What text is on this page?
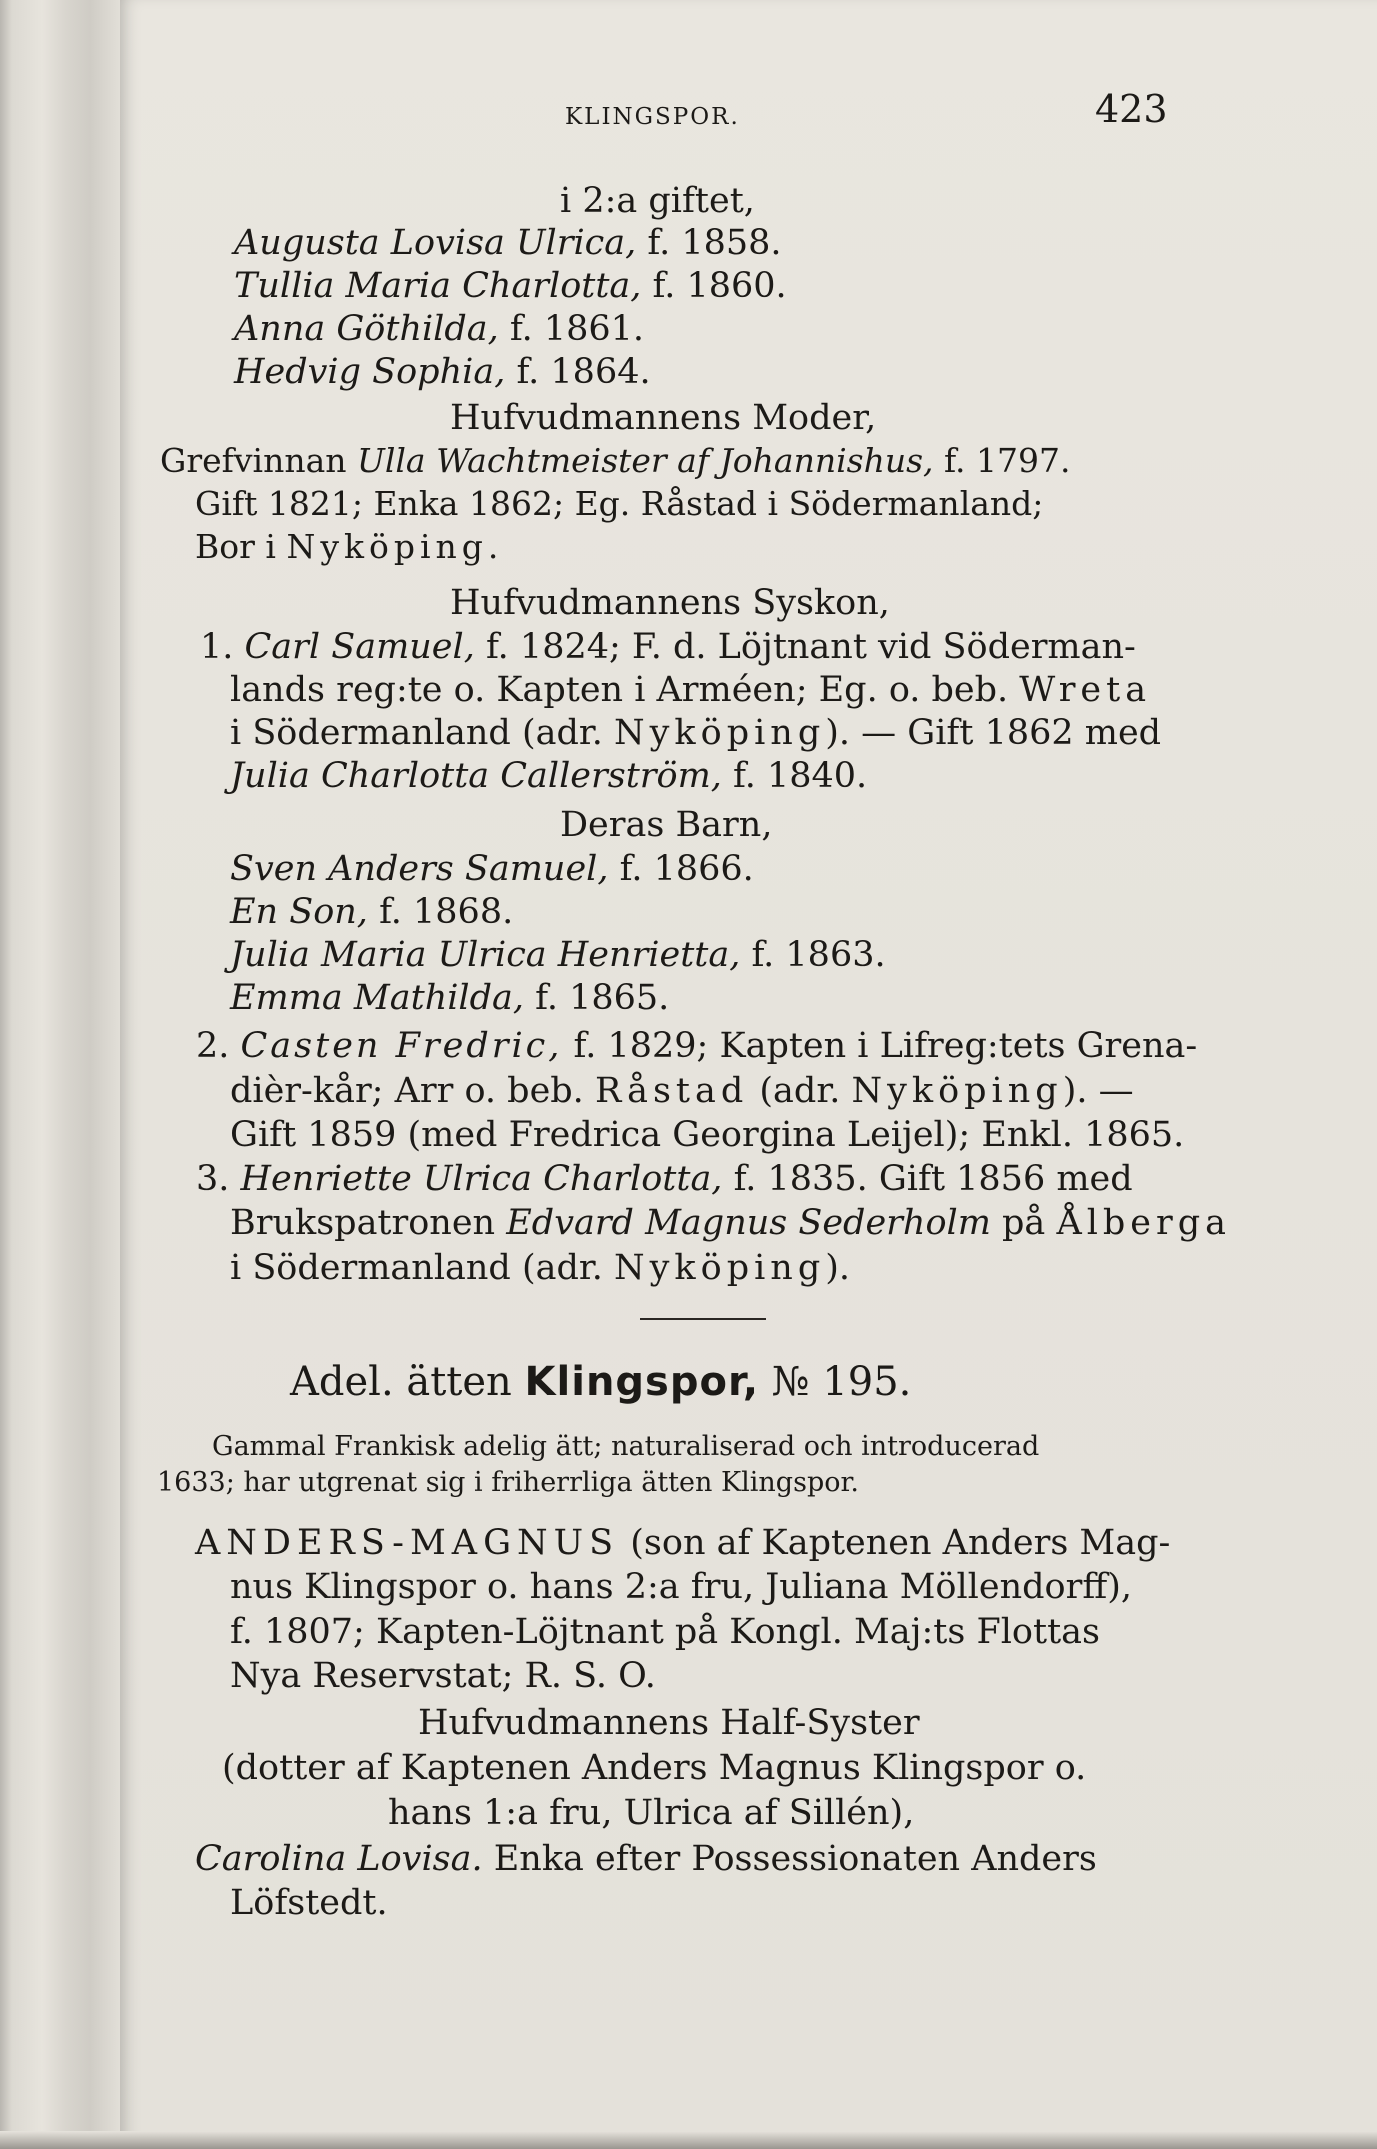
KLINGSPOR.	423
i 2:a giftet,
Augusta Lovisa Ulrica, f. 1858.
Tullia Maria Charlotta, f. 1860.
Anna Göthilda, f. 1861.
Hedvig Sophia, f. 1864.
Hufvudmannens Moder,
Grefvinnan Ulla Wachtmeister af Johannishus, f. 1797.
Gift 1821; Enka 1862; Eg. Råstad i Södermanland;
Bor i Nyköping.
Hufvudmannens Syskon,
1. Carl Samuel, f. 1824; F. d. Löjtnant vid Söderman-
lands reg:te o. Kapten i Arméen; Eg. o. beb. Wreta
i Södermanland (adr. Nyköping). — Gift 1862 med
Julia Charlotta Callerström, f. 1840.
Deras Barn,
Sven Anders Samuel, f. 1866.
En Son, f. 1868.
Julia Maria Ulrica Henrietta, f. 1863.
Emma Mathilda, f. 1865.
2. Casten Fredric, f. 1829; Kapten i Lifreg:tets Grena-
dièr-kår; Arr o. beb. Råstad (adr. Nyköping). —
Gift 1859 (med Fredrica Georgina Leijel); Enkl. 1865.
3. Henriette Ulrica Charlotta, f. 1835. Gift 1856 med
Brukspatronen Edvard Magnus Sederholm på Ålberga
i Södermanland (adr. Nyköping).
Adel. ätten Klingspor, № 195.
Gammal Frankisk adelig ätt; naturaliserad och introducerad
1633; har utgrenat sig i friherrliga ätten Klingspor.
ANDERS-MAGNUS (son af Kaptenen Anders Mag-
nus Klingspor o. hans 2:a fru, Juliana Möllendorff),
f. 1807; Kapten-Löjtnant på Kongl. Maj:ts Flottas
Nya Reservstat; R. S. O.
Hufvudmannens Half-Syster
(dotter af Kaptenen Anders Magnus Klingspor o.
hans 1:a fru, Ulrica af Sillén),
Carolina Lovisa. Enka efter Possessionaten Anders
Löfstedt.
